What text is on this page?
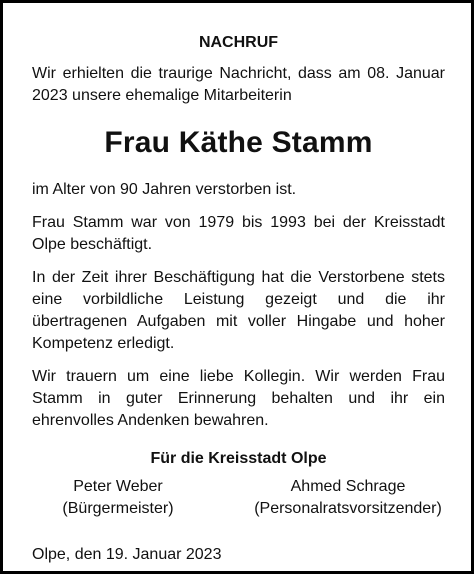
NACHRUF

Wir erhielten die traurige Nachricht, dass am 08. Januar 2023 unsere ehemalige Mitarbeiterin

Frau Käthe Stamm

im Alter von 90 Jahren verstorben ist.

Frau Stamm war von 1979 bis 1993 bei der Kreisstadt Olpe beschäftigt.

In der Zeit ihrer Beschäftigung hat die Verstorbene stets eine vorbildliche Leistung gezeigt und die ihr übertragenen Aufgaben mit voller Hingabe und hoher Kompetenz erledigt.

Wir trauern um eine liebe Kollegin. Wir werden Frau Stamm in guter Erinnerung behalten und ihr ein ehrenvolles Andenken bewahren.

Für die Kreisstadt Olpe
Peter Weber
(Bürgermeister)
Ahmed Schrage
(Personalratsvorsitzender)
Olpe, den 19. Januar 2023
